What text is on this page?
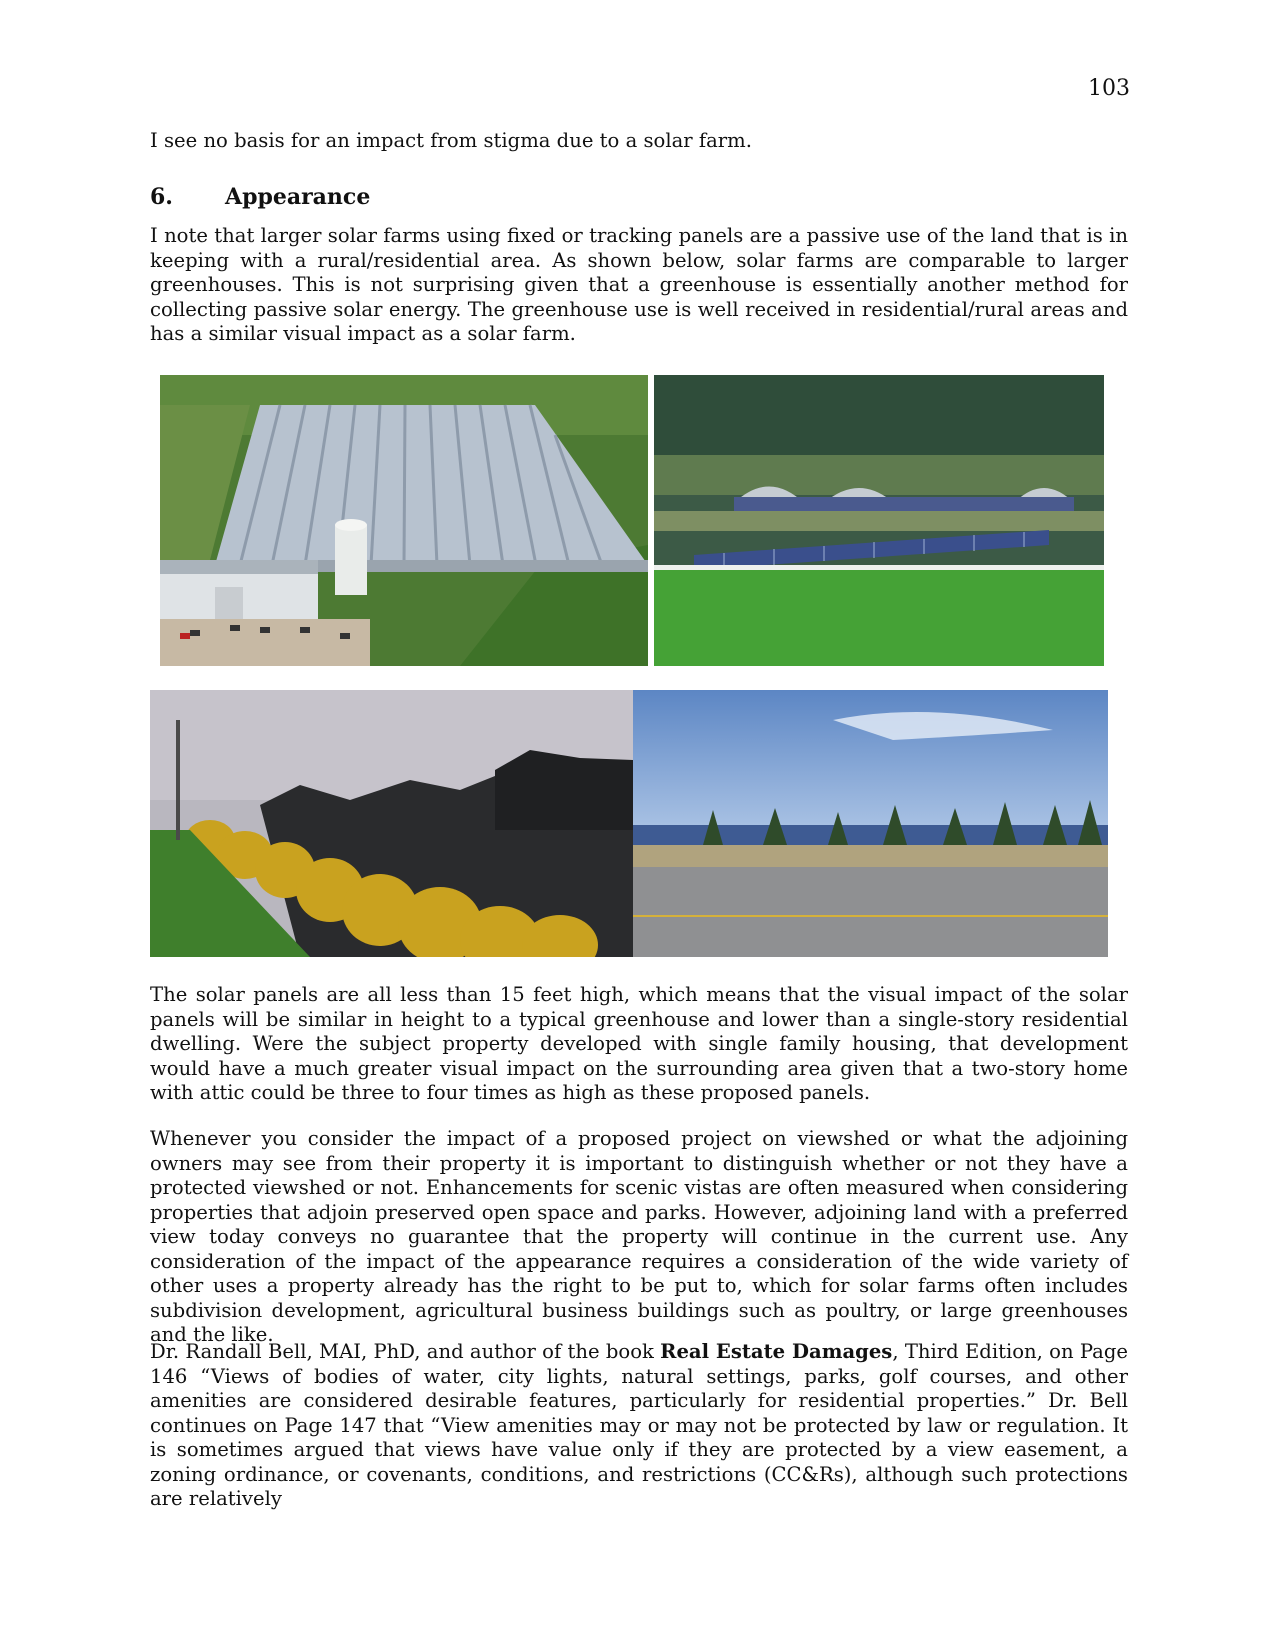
103

I see no basis for an impact from stigma due to a solar farm.

6. Appearance

I note that larger solar farms using fixed or tracking panels are a passive use of the land that is in keeping with a rural/residential area. As shown below, solar farms are comparable to larger greenhouses. This is not surprising given that a greenhouse is essentially another method for collecting passive solar energy. The greenhouse use is well received in residential/rural areas and has a similar visual impact as a solar farm.

The solar panels are all less than 15 feet high, which means that the visual impact of the solar panels will be similar in height to a typical greenhouse and lower than a single-story residential dwelling. Were the subject property developed with single family housing, that development would have a much greater visual impact on the surrounding area given that a two-story home with attic could be three to four times as high as these proposed panels.

Whenever you consider the impact of a proposed project on viewshed or what the adjoining owners may see from their property it is important to distinguish whether or not they have a protected viewshed or not. Enhancements for scenic vistas are often measured when considering properties that adjoin preserved open space and parks. However, adjoining land with a preferred view today conveys no guarantee that the property will continue in the current use. Any consideration of the impact of the appearance requires a consideration of the wide variety of other uses a property already has the right to be put to, which for solar farms often includes subdivision development, agricultural business buildings such as poultry, or large greenhouses and the like.

Dr. Randall Bell, MAI, PhD, and author of the book Real Estate Damages, Third Edition, on Page 146 “Views of bodies of water, city lights, natural settings, parks, golf courses, and other amenities are considered desirable features, particularly for residential properties.” Dr. Bell continues on Page 147 that “View amenities may or may not be protected by law or regulation. It is sometimes argued that views have value only if they are protected by a view easement, a zoning ordinance, or covenants, conditions, and restrictions (CC&Rs), although such protections are relatively
